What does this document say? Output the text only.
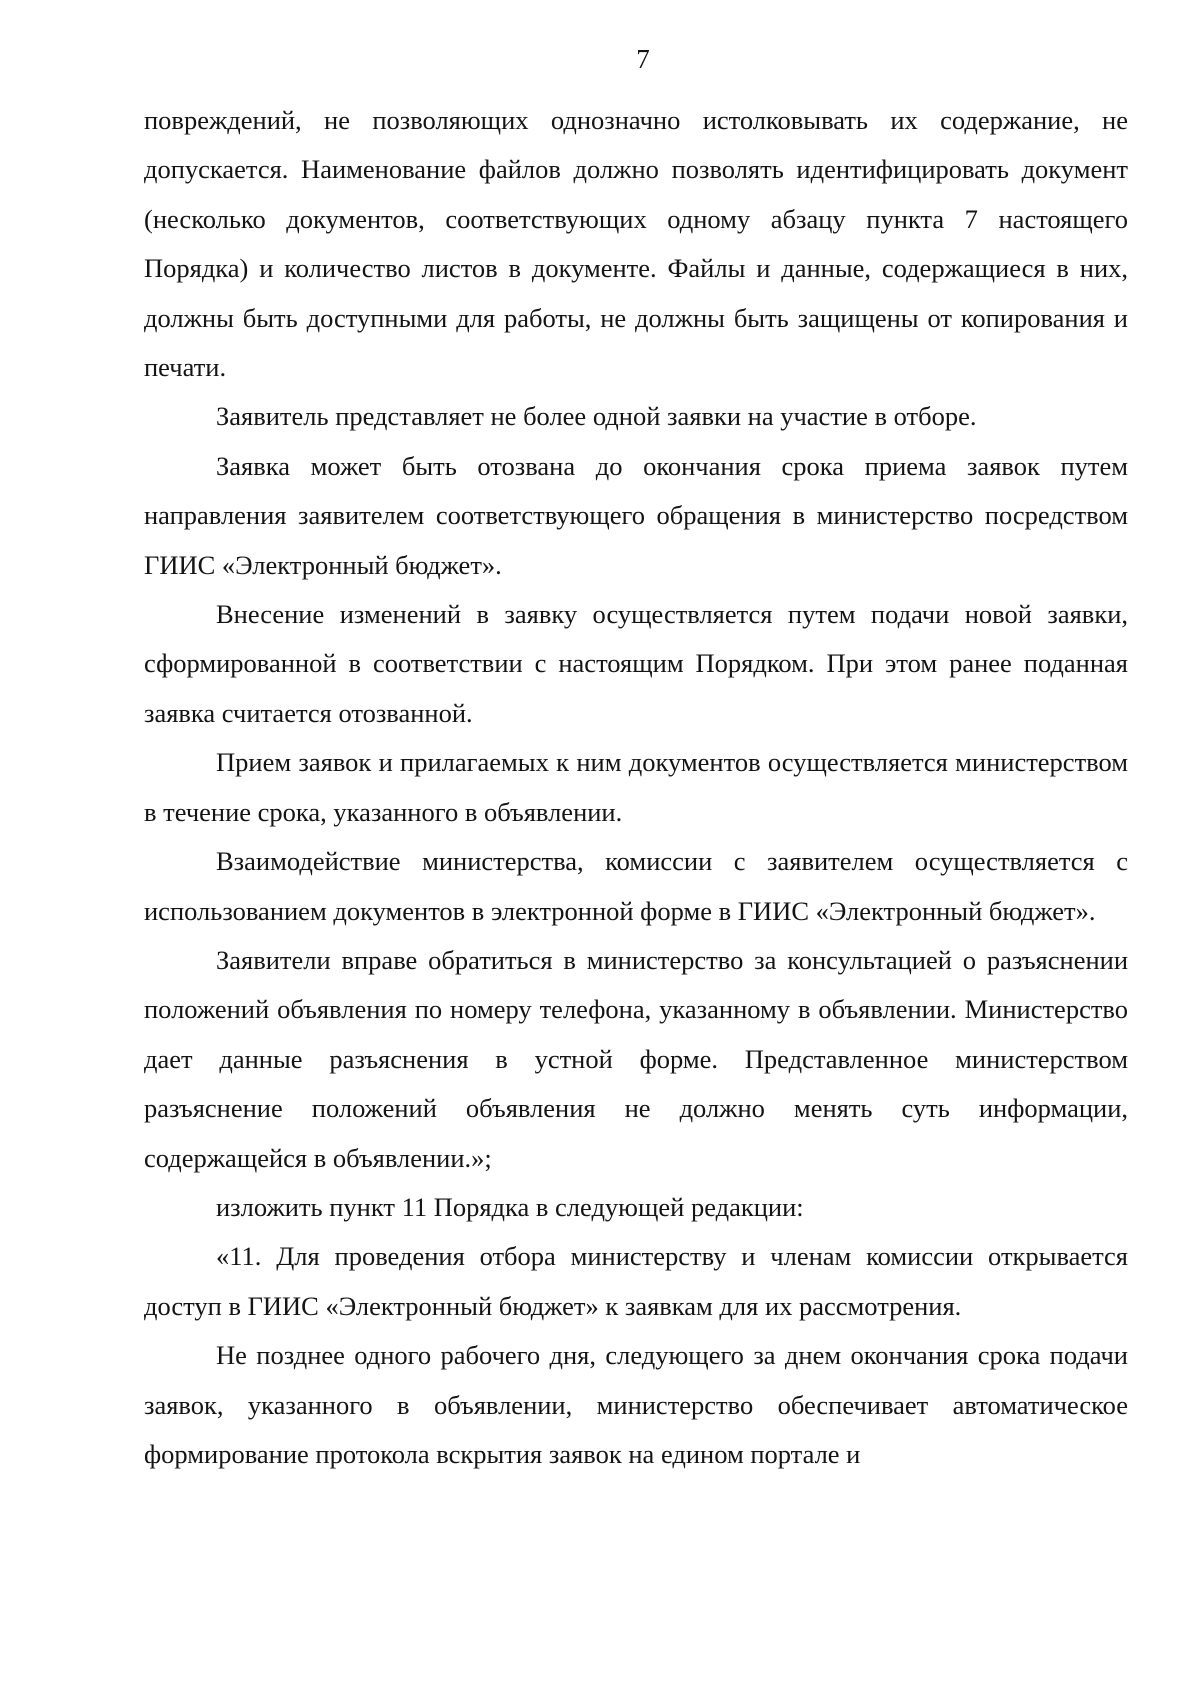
7

повреждений, не позволяющих однозначно истолковывать их содержание, не допускается. Наименование файлов должно позволять идентифицировать документ (несколько документов, соответствующих одному абзацу пункта 7 настоящего Порядка) и количество листов в документе. Файлы и данные, содержащиеся в них, должны быть доступными для работы, не должны быть защищены от копирования и печати.

Заявитель представляет не более одной заявки на участие в отборе.

Заявка может быть отозвана до окончания срока приема заявок путем направления заявителем соответствующего обращения в министерство посредством ГИИС «Электронный бюджет».

Внесение изменений в заявку осуществляется путем подачи новой заявки, сформированной в соответствии с настоящим Порядком. При этом ранее поданная заявка считается отозванной.

Прием заявок и прилагаемых к ним документов осуществляется министерством в течение срока, указанного в объявлении.

Взаимодействие министерства, комиссии с заявителем осуществляется с использованием документов в электронной форме в ГИИС «Электронный бюджет».

Заявители вправе обратиться в министерство за консультацией о разъяснении положений объявления по номеру телефона, указанному в объявлении. Министерство дает данные разъяснения в устной форме. Представленное министерством разъяснение положений объявления не должно менять суть информации, содержащейся в объявлении.»;

изложить пункт 11 Порядка в следующей редакции:

«11. Для проведения отбора министерству и членам комиссии открывается доступ в ГИИС «Электронный бюджет» к заявкам для их рассмотрения.

Не позднее одного рабочего дня, следующего за днем окончания срока подачи заявок, указанного в объявлении, министерство обеспечивает автоматическое формирование протокола вскрытия заявок на едином портале и
